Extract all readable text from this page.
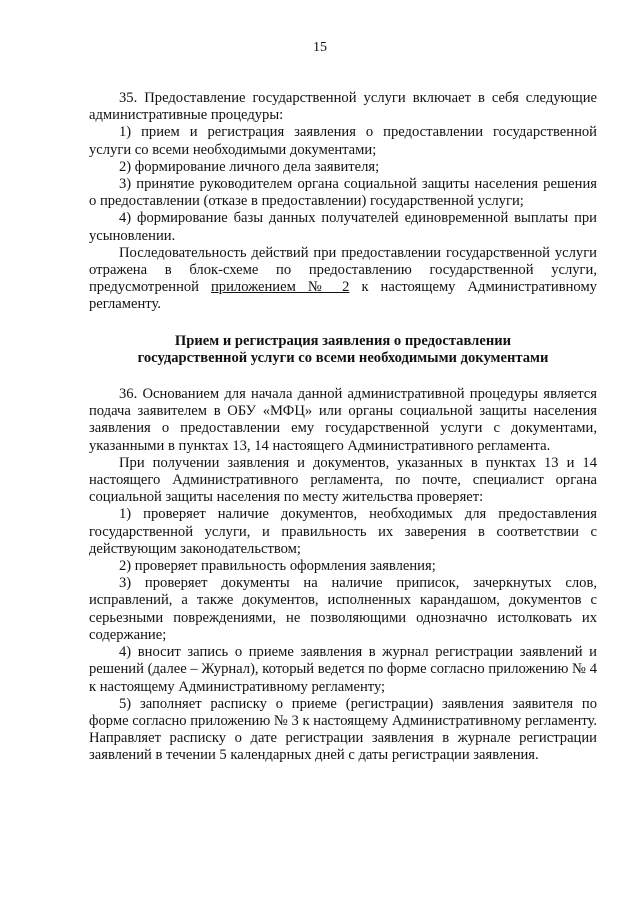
15

35. Предоставление государственной услуги включает в себя следующие административные процедуры:

1) прием и регистрация заявления о предоставлении государственной услуги со всеми необходимыми документами;

2) формирование личного дела заявителя;

3) принятие руководителем органа социальной защиты населения решения о предоставлении (отказе в предоставлении) государственной услуги;

4) формирование базы данных получателей единовременной выплаты при усыновлении.

Последовательность действий при предоставлении государственной услуги отражена в блок-схеме по предоставлению государственной услуги, предусмотренной приложением № 2 к настоящему Административному регламенту.

Прием и регистрация заявления о предоставлении
государственной услуги со всеми необходимыми документами

36. Основанием для начала данной административной процедуры является подача заявителем в ОБУ «МФЦ» или органы социальной защиты населения заявления о предоставлении ему государственной услуги с документами, указанными в пунктах 13, 14 настоящего Административного регламента.

При получении заявления и документов, указанных в пунктах 13 и 14 настоящего Административного регламента, по почте, специалист органа социальной защиты населения по месту жительства проверяет:

1) проверяет наличие документов, необходимых для предоставления государственной услуги, и правильность их заверения в соответствии с действующим законодательством;

2) проверяет правильность оформления заявления;

3) проверяет документы на наличие приписок, зачеркнутых слов, исправлений, а также документов, исполненных карандашом, документов с серьезными повреждениями, не позволяющими однозначно истолковать их содержание;

4) вносит запись о приеме заявления в журнал регистрации заявлений и решений (далее – Журнал), который ведется по форме согласно приложению № 4 к настоящему Административному регламенту;

5) заполняет расписку о приеме (регистрации) заявления заявителя по форме согласно приложению № 3 к настоящему Административному регламенту. Направляет расписку о дате регистрации заявления в журнале регистрации заявлений в течении 5 календарных дней с даты регистрации заявления.
